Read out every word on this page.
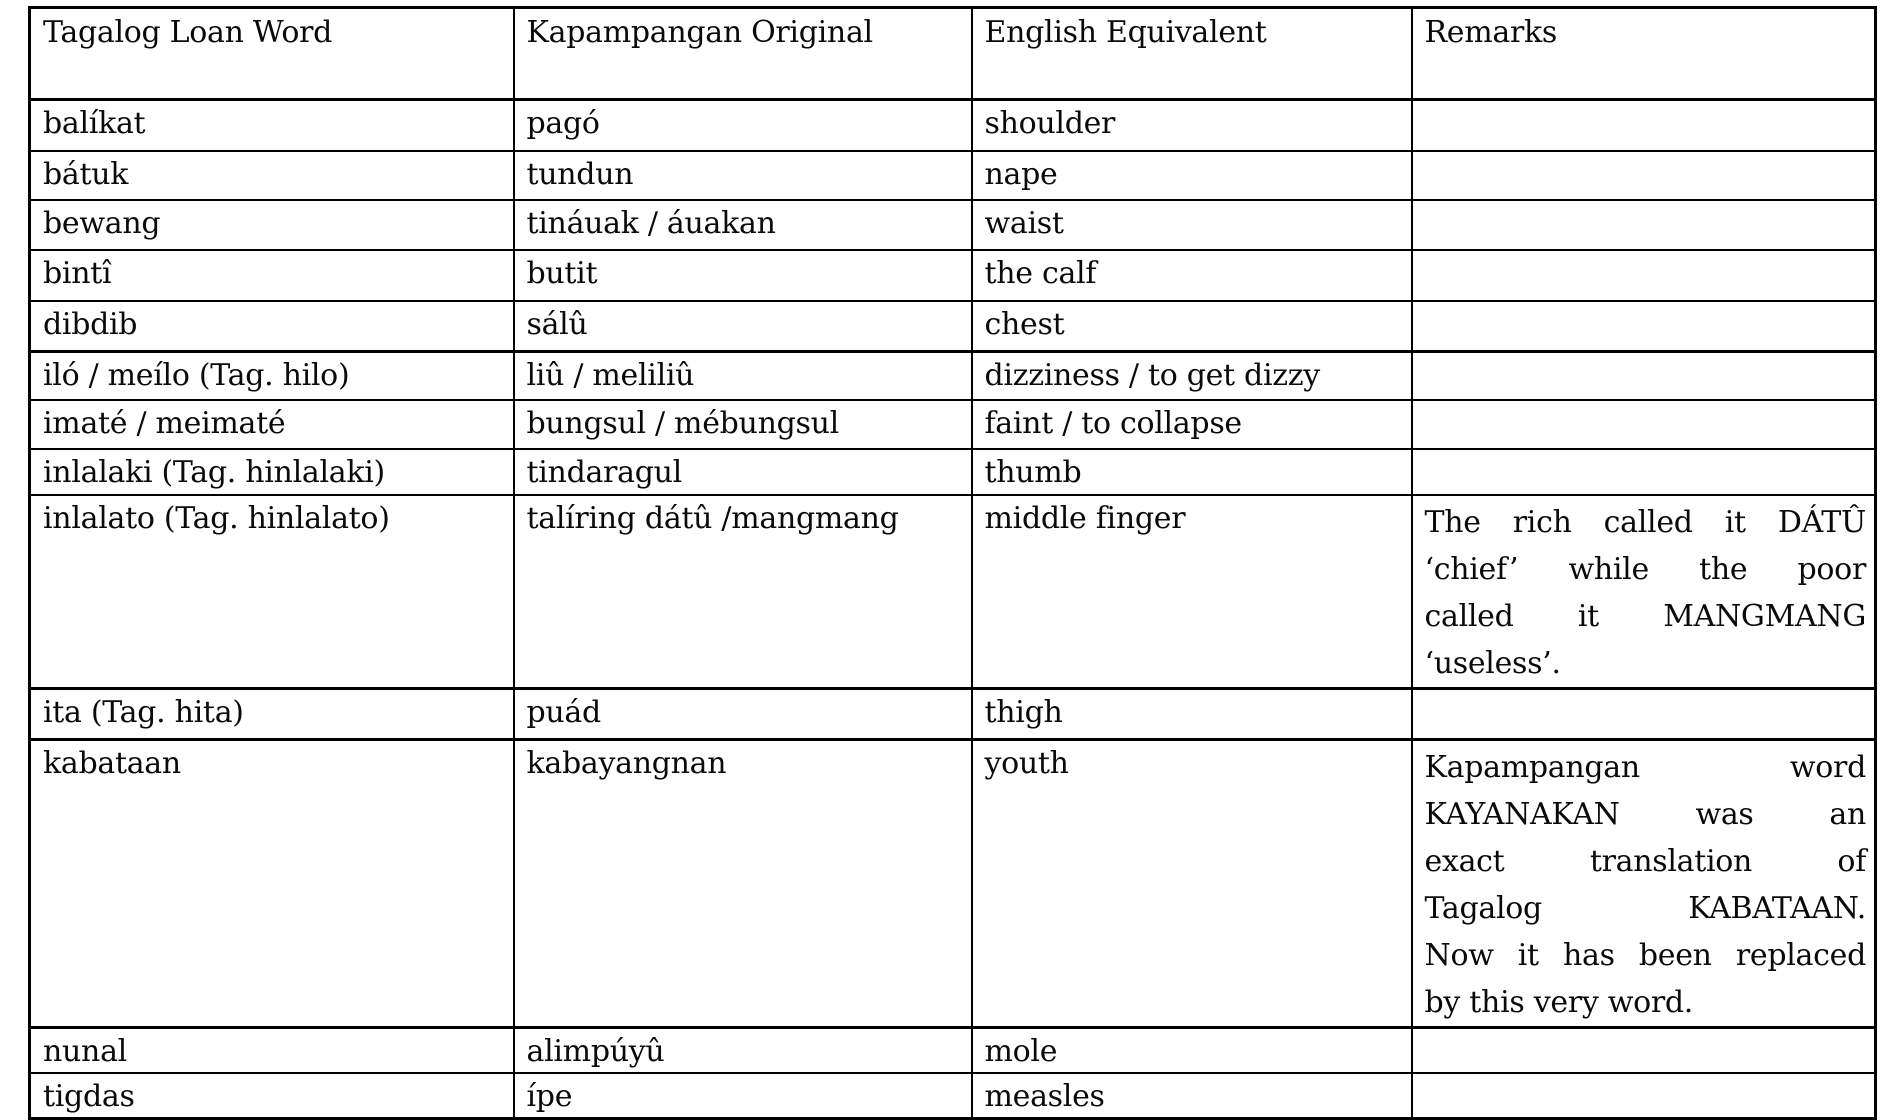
Tagalog Loan Word	Kapampangan Original	English Equivalent	Remarks
balíkat	pagó	shoulder	
bátuk	tundun	nape	
bewang	tináuak / áuakan	waist	
bintî	butit	the calf	
dibdib	sálû	chest	
iló / meílo (Tag. hilo)	liû / meliliû	dizziness / to get dizzy	
imaté / meimaté	bungsul / mébungsul	faint / to collapse	
inlalaki (Tag. hinlalaki)	tindaragul	thumb	
inlalato (Tag. hinlalato)	talíring dátû /mangmang	middle finger	The rich called it DÁTÛ
‘chief’ while the poor
called it MANGMANG
‘useless’.

ita (Tag. hita)	puád	thigh	
kabataan	kabayangnan	youth	Kapampangan word
KAYANAKAN was an
exact translation of
Tagalog KABATAAN.
Now it has been replaced
by this very word.

nunal	alimpúyû	mole	
tigdas	ípe	measles	
